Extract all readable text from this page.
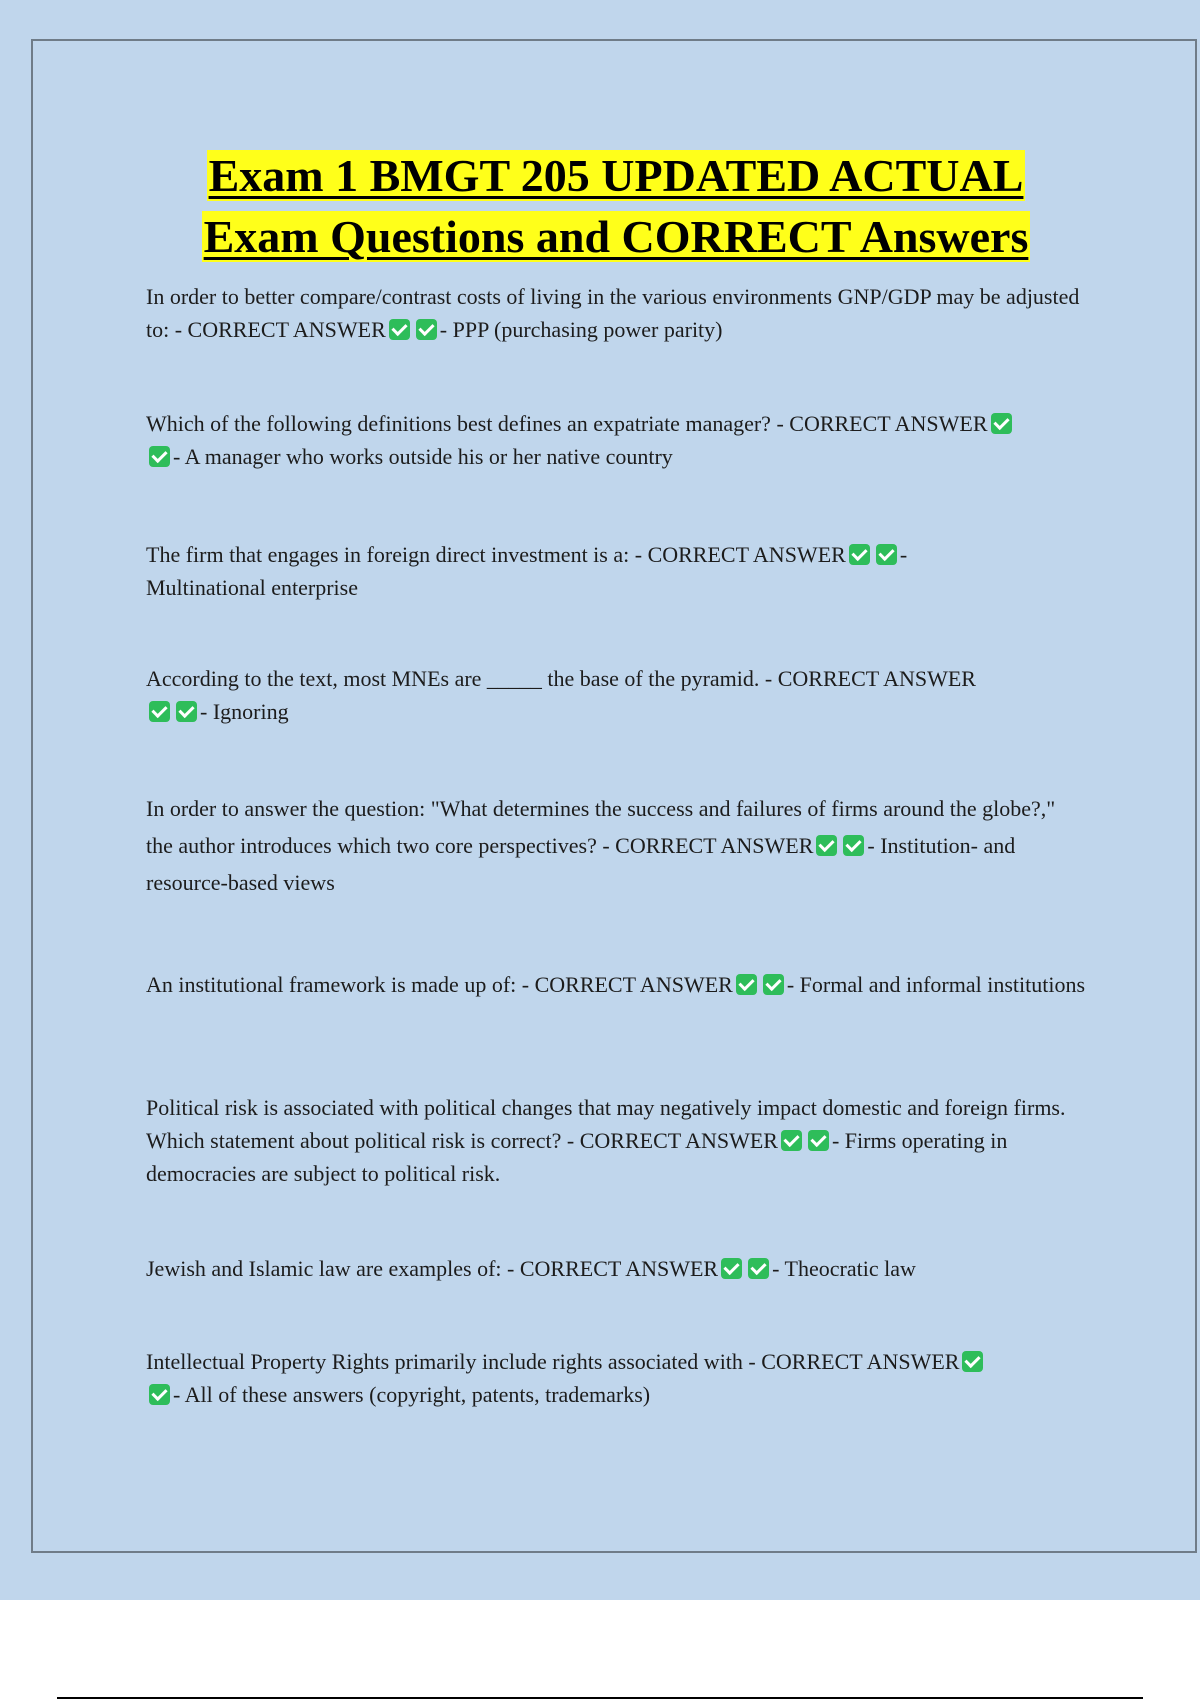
Exam 1 BMGT 205 UPDATED ACTUAL
Exam Questions and CORRECT Answers
In order to better compare/contrast costs of living in the various environments GNP/GDP may be adjusted to: - CORRECT ANSWER - PPP (purchasing power parity)
Which of the following definitions best defines an expatriate manager? - CORRECT ANSWER- A manager who works outside his or her native country
The firm that engages in foreign direct investment is a: - CORRECT ANSWER - Multinational enterprise
According to the text, most MNEs are _____ the base of the pyramid. - CORRECT ANSWER- Ignoring
In order to answer the question: "What determines the success and failures of firms around the globe?," the author introduces which two core perspectives? - CORRECT ANSWER - Institution- and resource-based views
An institutional framework is made up of: - CORRECT ANSWER - Formal and informal institutions
Political risk is associated with political changes that may negatively impact domestic and foreign firms. Which statement about political risk is correct? - CORRECT ANSWER - Firms operating in democracies are subject to political risk.
Jewish and Islamic law are examples of: - CORRECT ANSWER - Theocratic law
Intellectual Property Rights primarily include rights associated with - CORRECT ANSWER- All of these answers (copyright, patents, trademarks)
